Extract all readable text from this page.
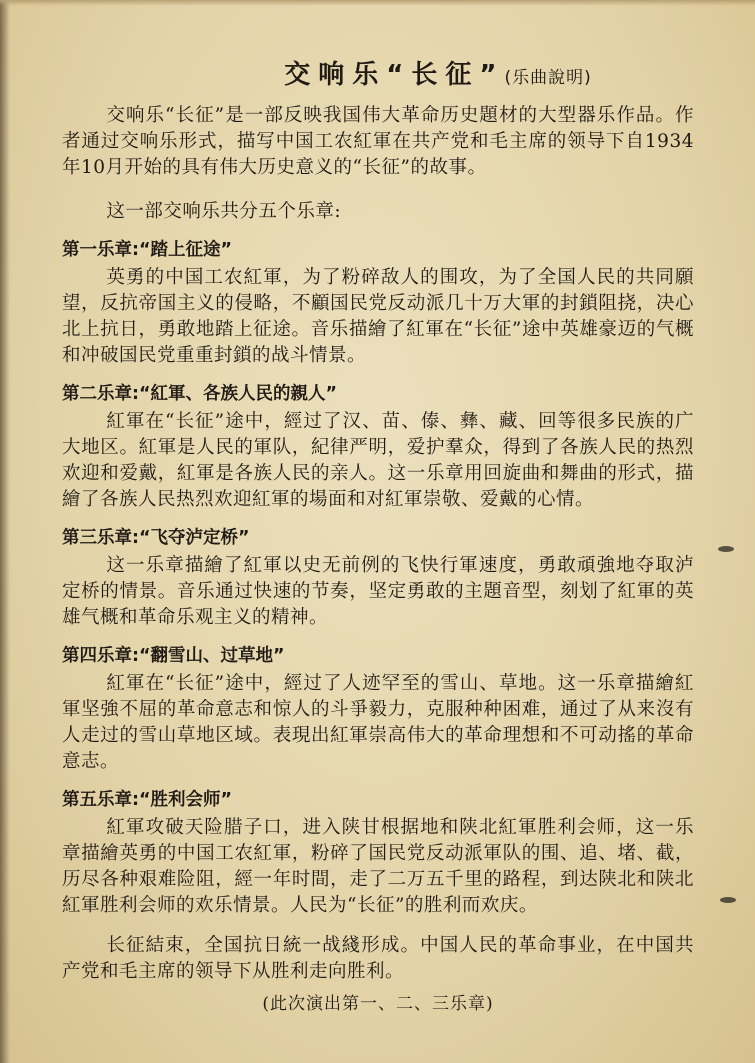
交响乐“长征”(乐曲說明)

交响乐“长征”是一部反映我国伟大革命历史題材的大型器乐作品。作者通过交响乐形式，描写中国工农紅軍在共产党和毛主席的领导下自1934年10月开始的具有伟大历史意义的“长征”的故事。

这一部交响乐共分五个乐章:

第一乐章:“踏上征途”

英勇的中国工农紅軍，为了粉碎敌人的围攻，为了全国人民的共同願望，反抗帝国主义的侵略，不顧国民党反动派几十万大軍的封鎖阻挠，决心北上抗日，勇敢地踏上征途。音乐描繪了紅軍在“长征”途中英雄豪迈的气概和冲破国民党重重封鎖的战斗情景。

第二乐章:“紅軍、各族人民的親人”

紅軍在“长征”途中，經过了汉、苗、傣、彝、藏、回等很多民族的广大地区。紅軍是人民的軍队，紀律严明，爱护羣众，得到了各族人民的热烈欢迎和爱戴，紅軍是各族人民的亲人。这一乐章用回旋曲和舞曲的形式，描繪了各族人民热烈欢迎紅軍的場面和对紅軍崇敬、爱戴的心情。

第三乐章:“飞夺泸定桥”

这一乐章描繪了紅軍以史无前例的飞快行軍速度，勇敢頑強地夺取泸定桥的情景。音乐通过快速的节奏，坚定勇敢的主題音型，刻划了紅軍的英雄气概和革命乐观主义的精神。

第四乐章:“翻雪山、过草地”

紅軍在“长征”途中，經过了人迹罕至的雪山、草地。这一乐章描繪紅軍坚強不屈的革命意志和惊人的斗爭毅力，克服种种困难，通过了从来沒有人走过的雪山草地区域。表現出紅軍崇高伟大的革命理想和不可动搖的革命意志。

第五乐章:“胜利会师”

紅軍攻破天险腊子口，进入陕甘根据地和陕北紅軍胜利会师，这一乐章描繪英勇的中国工农紅軍，粉碎了国民党反动派軍队的围、追、堵、截，历尽各种艰难险阻，經一年时間，走了二万五千里的路程，到达陕北和陕北紅軍胜利会师的欢乐情景。人民为“长征”的胜利而欢庆。

长征結束，全国抗日統一战綫形成。中国人民的革命事业，在中国共产党和毛主席的领导下从胜利走向胜利。

(此次演出第一、二、三乐章)
